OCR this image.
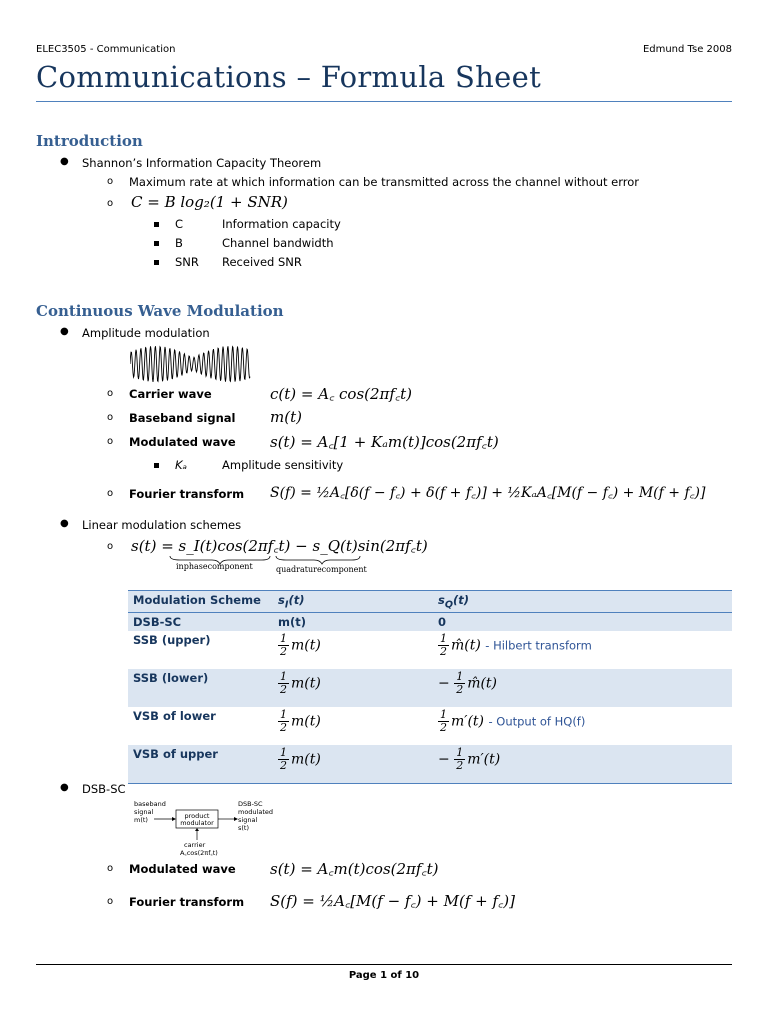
ELEC3505 - Communication	Edmund Tse 2008
Communications – Formula Sheet
Introduction
● Shannon’s Information Capacity Theorem
o Maximum rate at which information can be transmitted across the channel without error
o C = B log₂(1 + SNR)
C	Information capacity
B	Channel bandwidth
SNR Received SNR
Continuous Wave Modulation
● Amplitude modulation
o Carrier wave	c(t) = A꜀ cos(2πf꜀t)
o Baseband signal m(t)
o Modulated wave s(t) = A꜀[1 + Kₐm(t)]cos(2πf꜀t)
Kₐ	Amplitude sensitivity
o Fourier transform S(f) = ½A꜀[δ(f − f꜀) + δ(f + f꜀)] + ½KₐA꜀[M(f − f꜀) + M(f + f꜀)]
● Linear modulation schemes
o s(t) = s_I(t)cos(2πf꜀t) − s_Q(t)sin(2πf꜀t)
inphasecomponent	quadraturecomponent
Modulation Scheme	$s_I(t)$	$s_Q(t)$
DSB-SC	m(t)	0
SSB (upper)	$\frac{1}{2} m(t)$	$\frac{1}{2}$ m̂(t) - Hilbert transform
SSB (lower)	$\frac{1}{2} m(t)$	− $\frac{1}{2}$ m̂(t)
VSB of lower	$\frac{1}{2} m(t)$	$\frac{1}{2} m'(t)$ - Output of HQ(f)
VSB of upper	$\frac{1}{2} m(t)$	− $\frac{1}{2} m'(t)$
● DSB-SC
baseband
signal
m(t)	product
modulator
DSB-SC
modulated
signal
s(t)
carrier
A꜀cos(2πf꜀t)
o Modulated wave s(t) = A꜀m(t)cos(2πf꜀t)
o Fourier transform S(f) = ½A꜀[M(f − f꜀) + M(f + f꜀)]
Page 1 of 10
